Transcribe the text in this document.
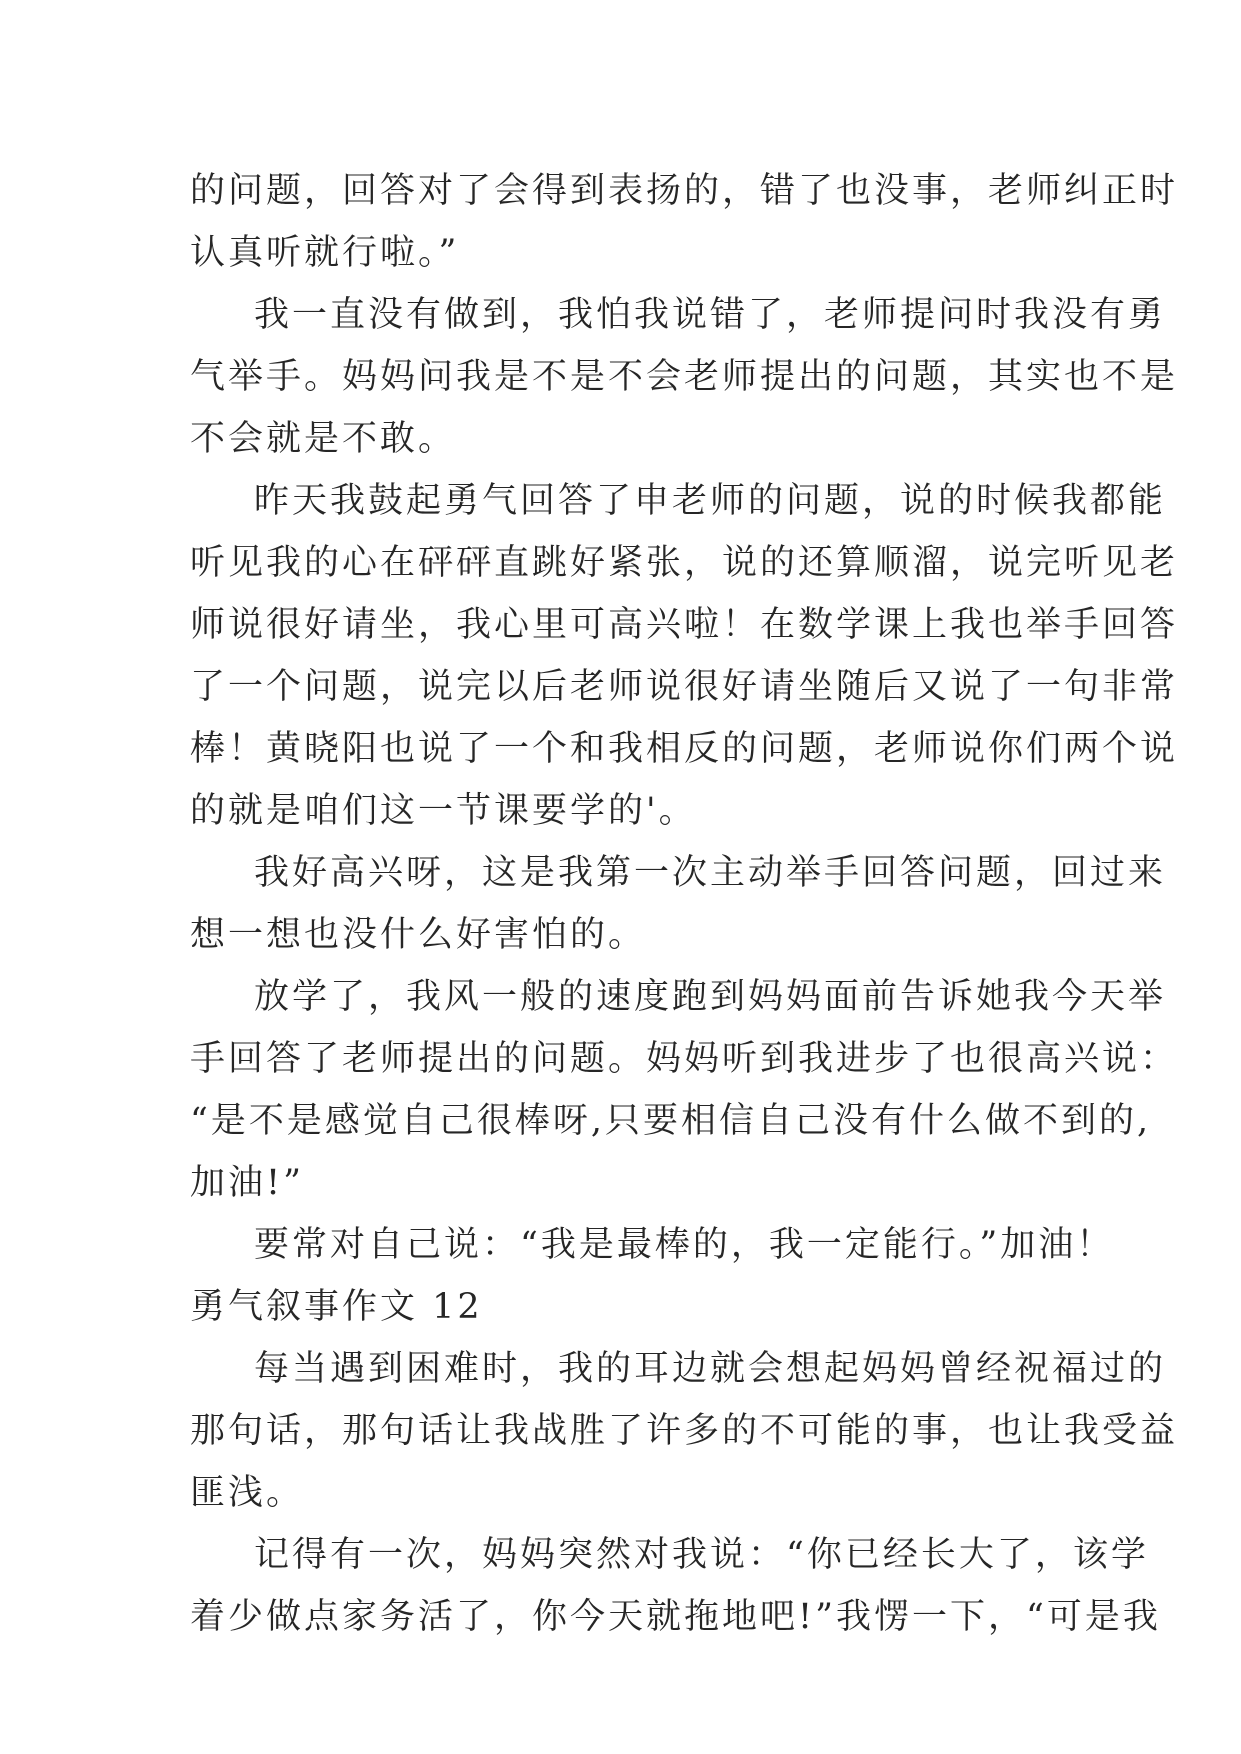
的问题，回答对了会得到表扬的，错了也没事，老师纠正时
认真听就行啦。”
我一直没有做到，我怕我说错了，老师提问时我没有勇
气举手。妈妈问我是不是不会老师提出的问题，其实也不是
不会就是不敢。
昨天我鼓起勇气回答了申老师的问题，说的时候我都能
听见我的心在砰砰直跳好紧张，说的还算顺溜，说完听见老
师说很好请坐，我心里可高兴啦！在数学课上我也举手回答
了一个问题，说完以后老师说很好请坐随后又说了一句非常
棒！黄晓阳也说了一个和我相反的问题，老师说你们两个说
的就是咱们这一节课要学的'。
我好高兴呀，这是我第一次主动举手回答问题，回过来
想一想也没什么好害怕的。
放学了，我风一般的速度跑到妈妈面前告诉她我今天举
手回答了老师提出的问题。妈妈听到我进步了也很高兴说：
“是不是感觉自己很棒呀,只要相信自己没有什么做不到的,
加油!”
要常对自己说：“我是最棒的，我一定能行。”加油！
勇气叙事作文 12
每当遇到困难时，我的耳边就会想起妈妈曾经祝福过的
那句话，那句话让我战胜了许多的不可能的事，也让我受益
匪浅。
记得有一次，妈妈突然对我说：“你已经长大了，该学
着少做点家务活了，你今天就拖地吧!”我愣一下，“可是我
